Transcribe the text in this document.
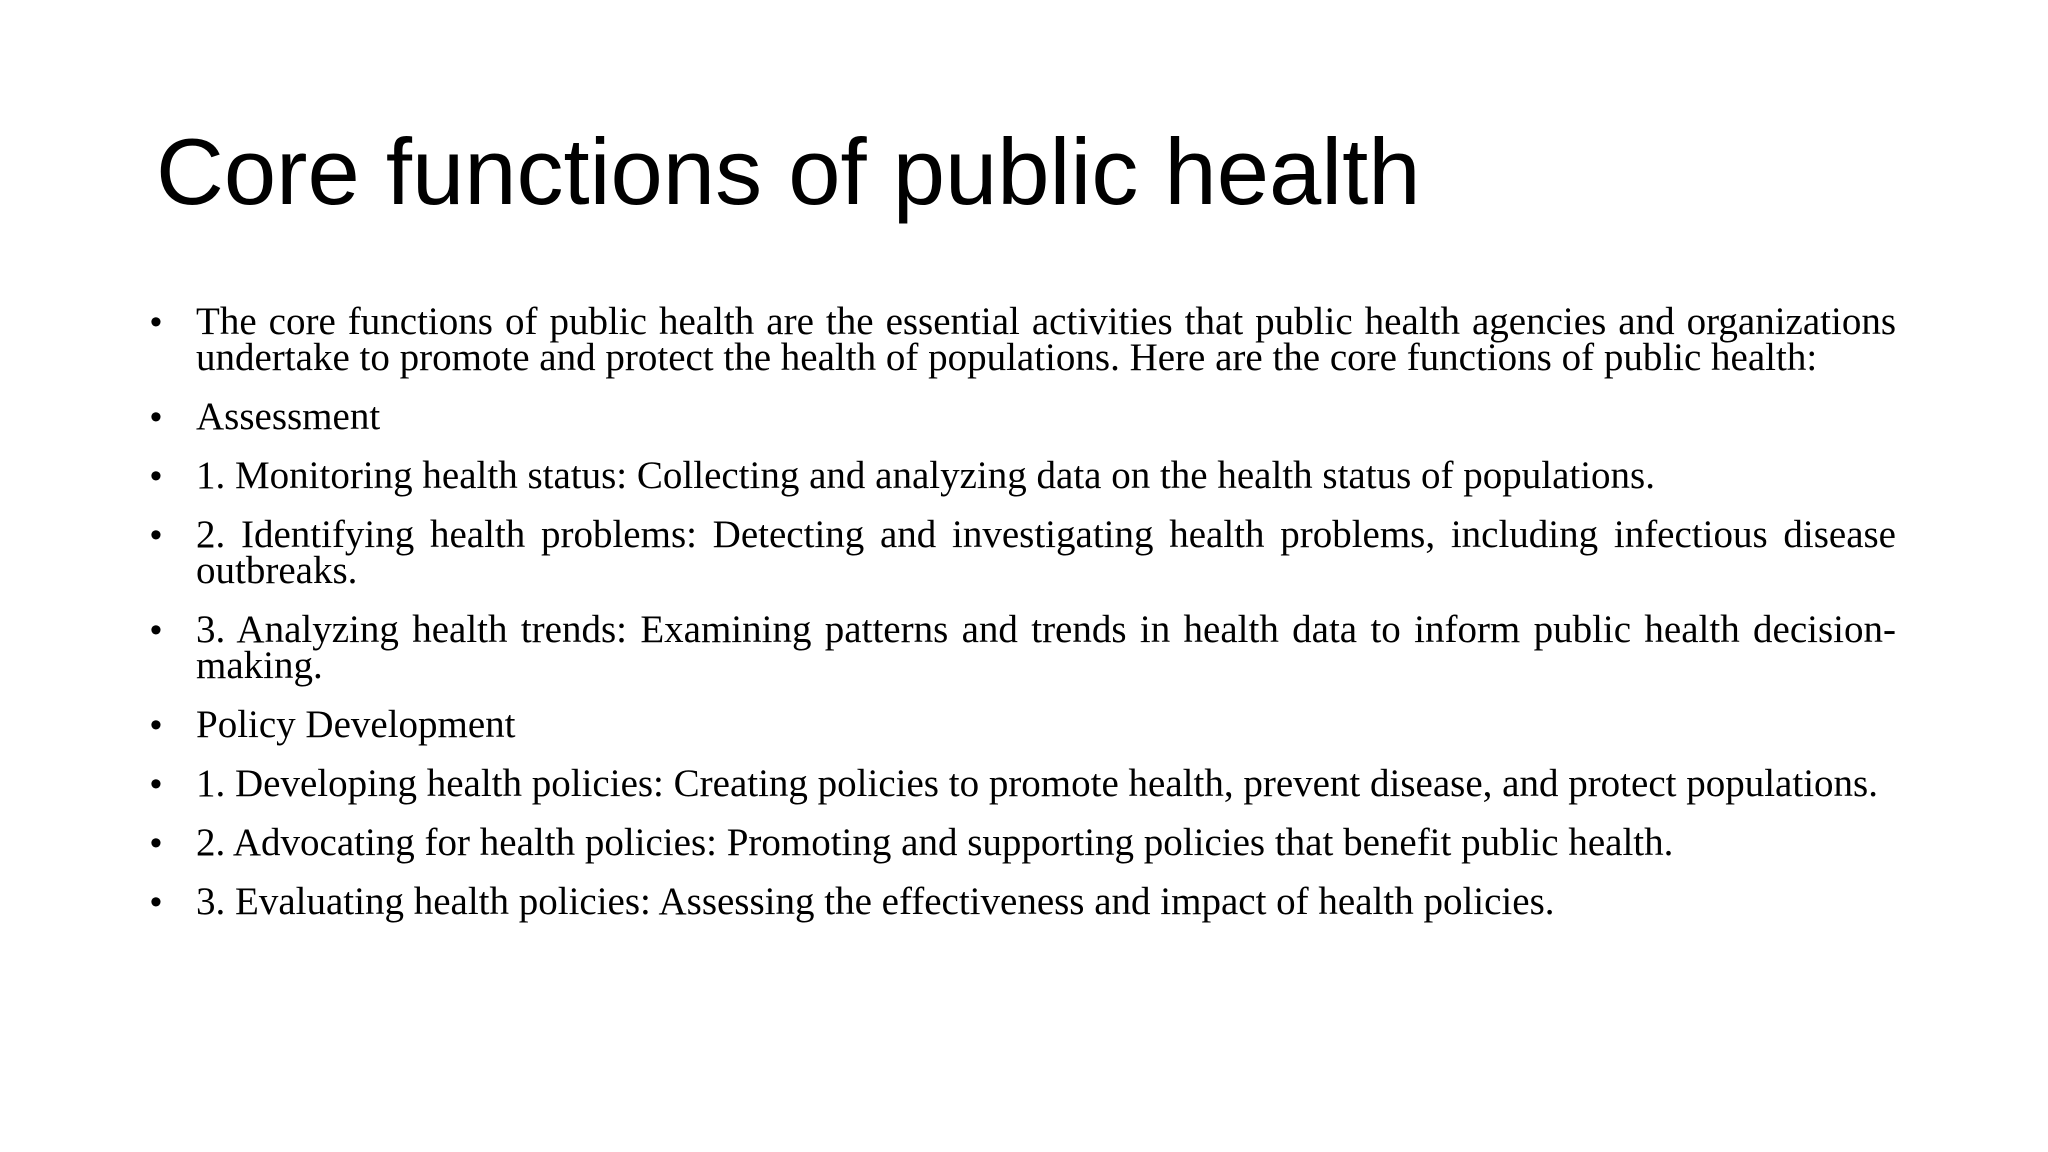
Core functions of public health
• The core functions of public health are the essential activities that public health agencies and organizations undertake to promote and protect the health of populations. Here are the core functions of public health:
• Assessment
• 1. Monitoring health status: Collecting and analyzing data on the health status of populations.
• 2. Identifying health problems: Detecting and investigating health problems, including infectious disease outbreaks.
• 3. Analyzing health trends: Examining patterns and trends in health data to inform public health decision-making.
• Policy Development
• 1. Developing health policies: Creating policies to promote health, prevent disease, and protect populations.
• 2. Advocating for health policies: Promoting and supporting policies that benefit public health.
• 3. Evaluating health policies: Assessing the effectiveness and impact of health policies.
